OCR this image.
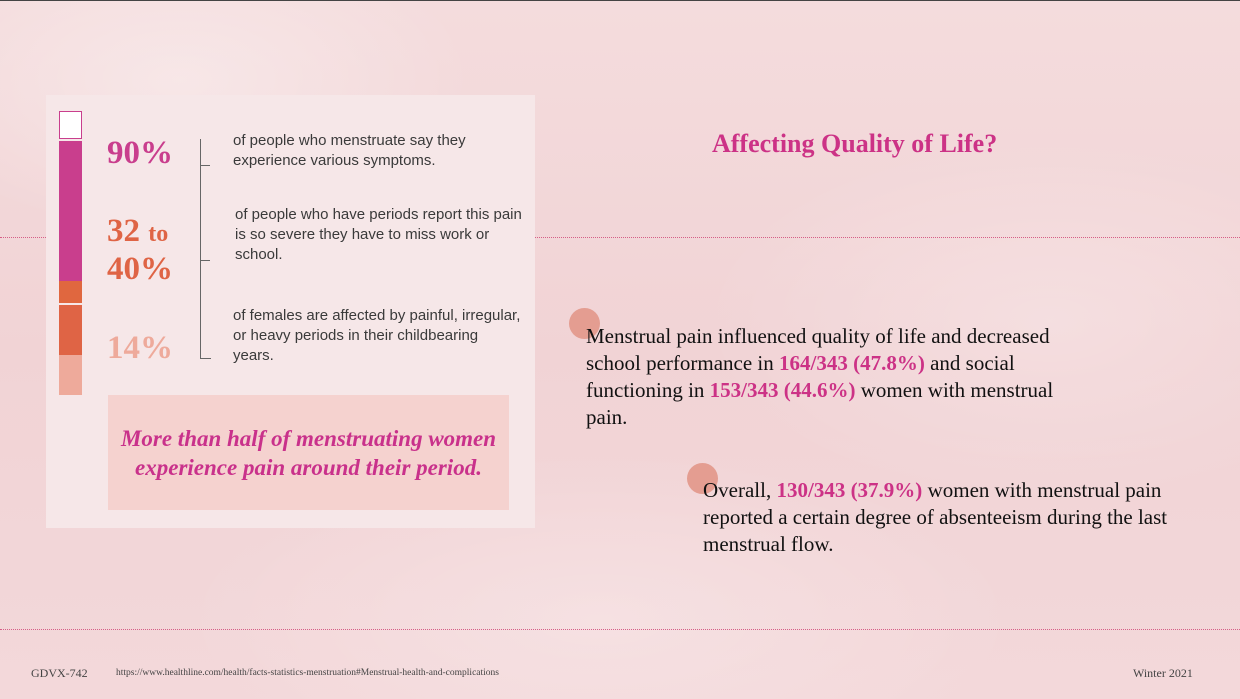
90%
32 to
40%
14%
of people who menstruate say they experience various symptoms.
of people who have periods report this pain is so severe they have to miss work or school.
of females are affected by painful, irregular, or heavy periods in their childbearing years.
More than half of menstruating women experience pain around their period.
Affecting Quality of Life?
Menstrual pain influenced quality of life and decreased school performance in 164/343 (47.8%) and social functioning in 153/343 (44.6%) women with menstrual pain.
Overall, 130/343 (37.9%) women with menstrual pain reported a certain degree of absenteeism during the last menstrual flow.
GDVX-742	https://www.healthline.com/health/facts-statistics-menstruation#Menstrual-health-and-complications	Winter 2021
